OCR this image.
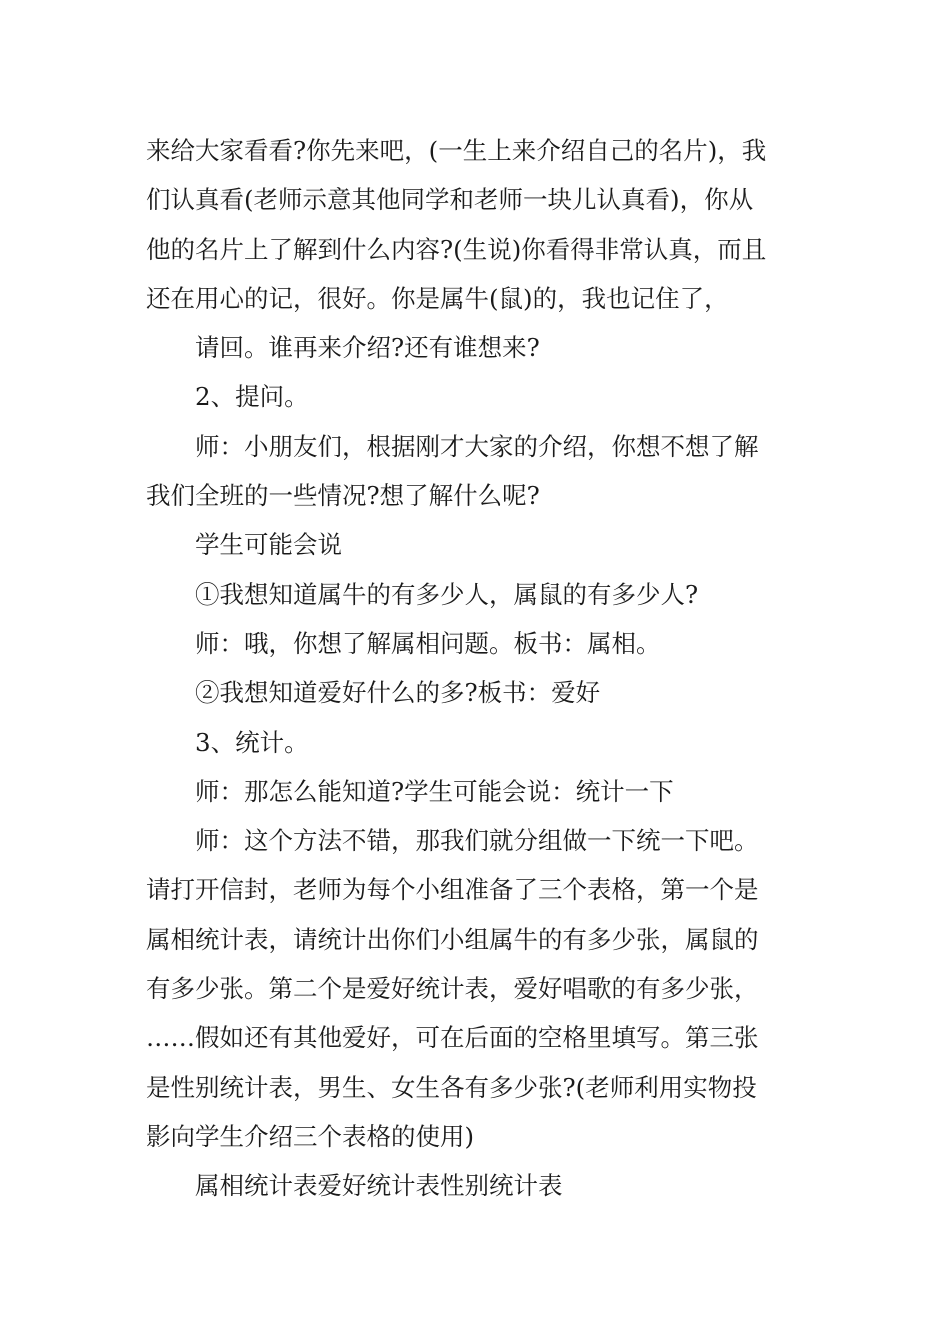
来给大家看看?你先来吧，(一生上来介绍自己的名片)，我
们认真看(老师示意其他同学和老师一块儿认真看)，你从
他的名片上了解到什么内容?(生说)你看得非常认真，而且
还在用心的记，很好。你是属牛(鼠)的，我也记住了，
请回。谁再来介绍?还有谁想来?
2、提问。
师：小朋友们，根据刚才大家的介绍，你想不想了解
我们全班的一些情况?想了解什么呢?
学生可能会说
①我想知道属牛的有多少人，属鼠的有多少人?
师：哦，你想了解属相问题。板书：属相。
②我想知道爱好什么的多?板书：爱好
3、统计。
师：那怎么能知道?学生可能会说：统计一下
师：这个方法不错，那我们就分组做一下统一下吧。
请打开信封，老师为每个小组准备了三个表格，第一个是
属相统计表，请统计出你们小组属牛的有多少张，属鼠的
有多少张。第二个是爱好统计表，爱好唱歌的有多少张，
……假如还有其他爱好，可在后面的空格里填写。第三张
是性别统计表，男生、女生各有多少张?(老师利用实物投
影向学生介绍三个表格的使用)
属相统计表爱好统计表性别统计表
